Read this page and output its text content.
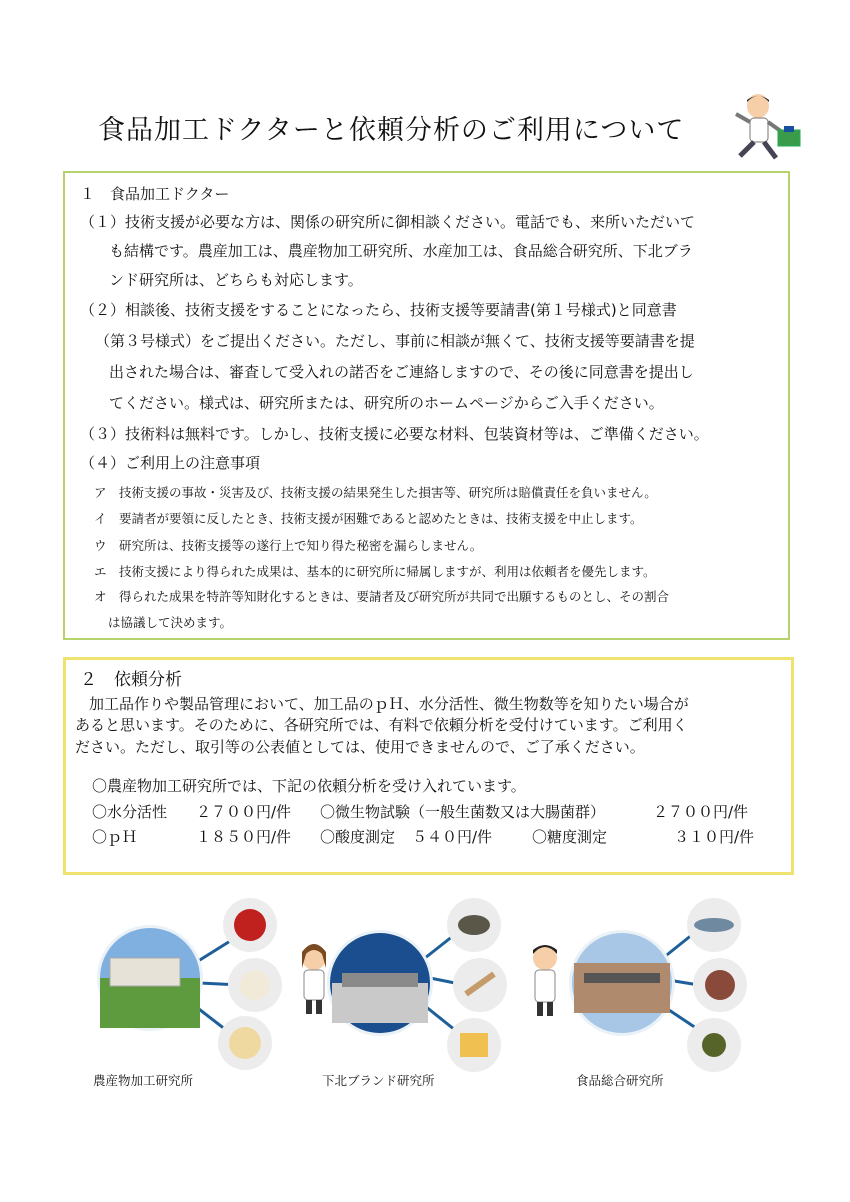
食品加工ドクターと依頼分析のご利用について
１　食品加工ドクター
（１）技術支援が必要な方は、関係の研究所に御相談ください。電話でも、来所いただいて
も結構です。農産加工は、農産物加工研究所、水産加工は、食品総合研究所、下北ブラ
ンド研究所は、どちらも対応します。
（２）相談後、技術支援をすることになったら、技術支援等要請書(第１号様式)と同意書
（第３号様式）をご提出ください。ただし、事前に相談が無くて、技術支援等要請書を提
出された場合は、審査して受入れの諾否をご連絡しますので、その後に同意書を提出し
てください。様式は、研究所または、研究所のホームページからご入手ください。
（３）技術料は無料です。しかし、技術支援に必要な材料、包装資材等は、ご準備ください。
（４）ご利用上の注意事項
ア　技術支援の事故・災害及び、技術支援の結果発生した損害等、研究所は賠償責任を負いません。
イ　要請者が要領に反したとき、技術支援が困難であると認めたときは、技術支援を中止します。
ウ　研究所は、技術支援等の遂行上で知り得た秘密を漏らしません。
エ　技術支援により得られた成果は、基本的に研究所に帰属しますが、利用は依頼者を優先します。
オ　得られた成果を特許等知財化するときは、要請者及び研究所が共同で出願するものとし、その割合
は協議して決めます。
２　依頼分析
加工品作りや製品管理において、加工品のｐＨ、水分活性、微生物数等を知りたい場合が
あると思います。そのために、各研究所では、有料で依頼分析を受付けています。ご利用く
ださい。ただし、取引等の公表値としては、使用できませんので、ご了承ください。
〇農産物加工研究所では、下記の依頼分析を受け入れています。
〇水分活性 ２７００円/件 〇微生物試験（一般生菌数又は大腸菌群）	２７００円/件
〇ｐＨ	１８５０円/件 〇酸度測定 ５４０円/件	〇糖度測定	３１０円/件
農産物加工研究所	下北ブランド研究所	食品総合研究所
